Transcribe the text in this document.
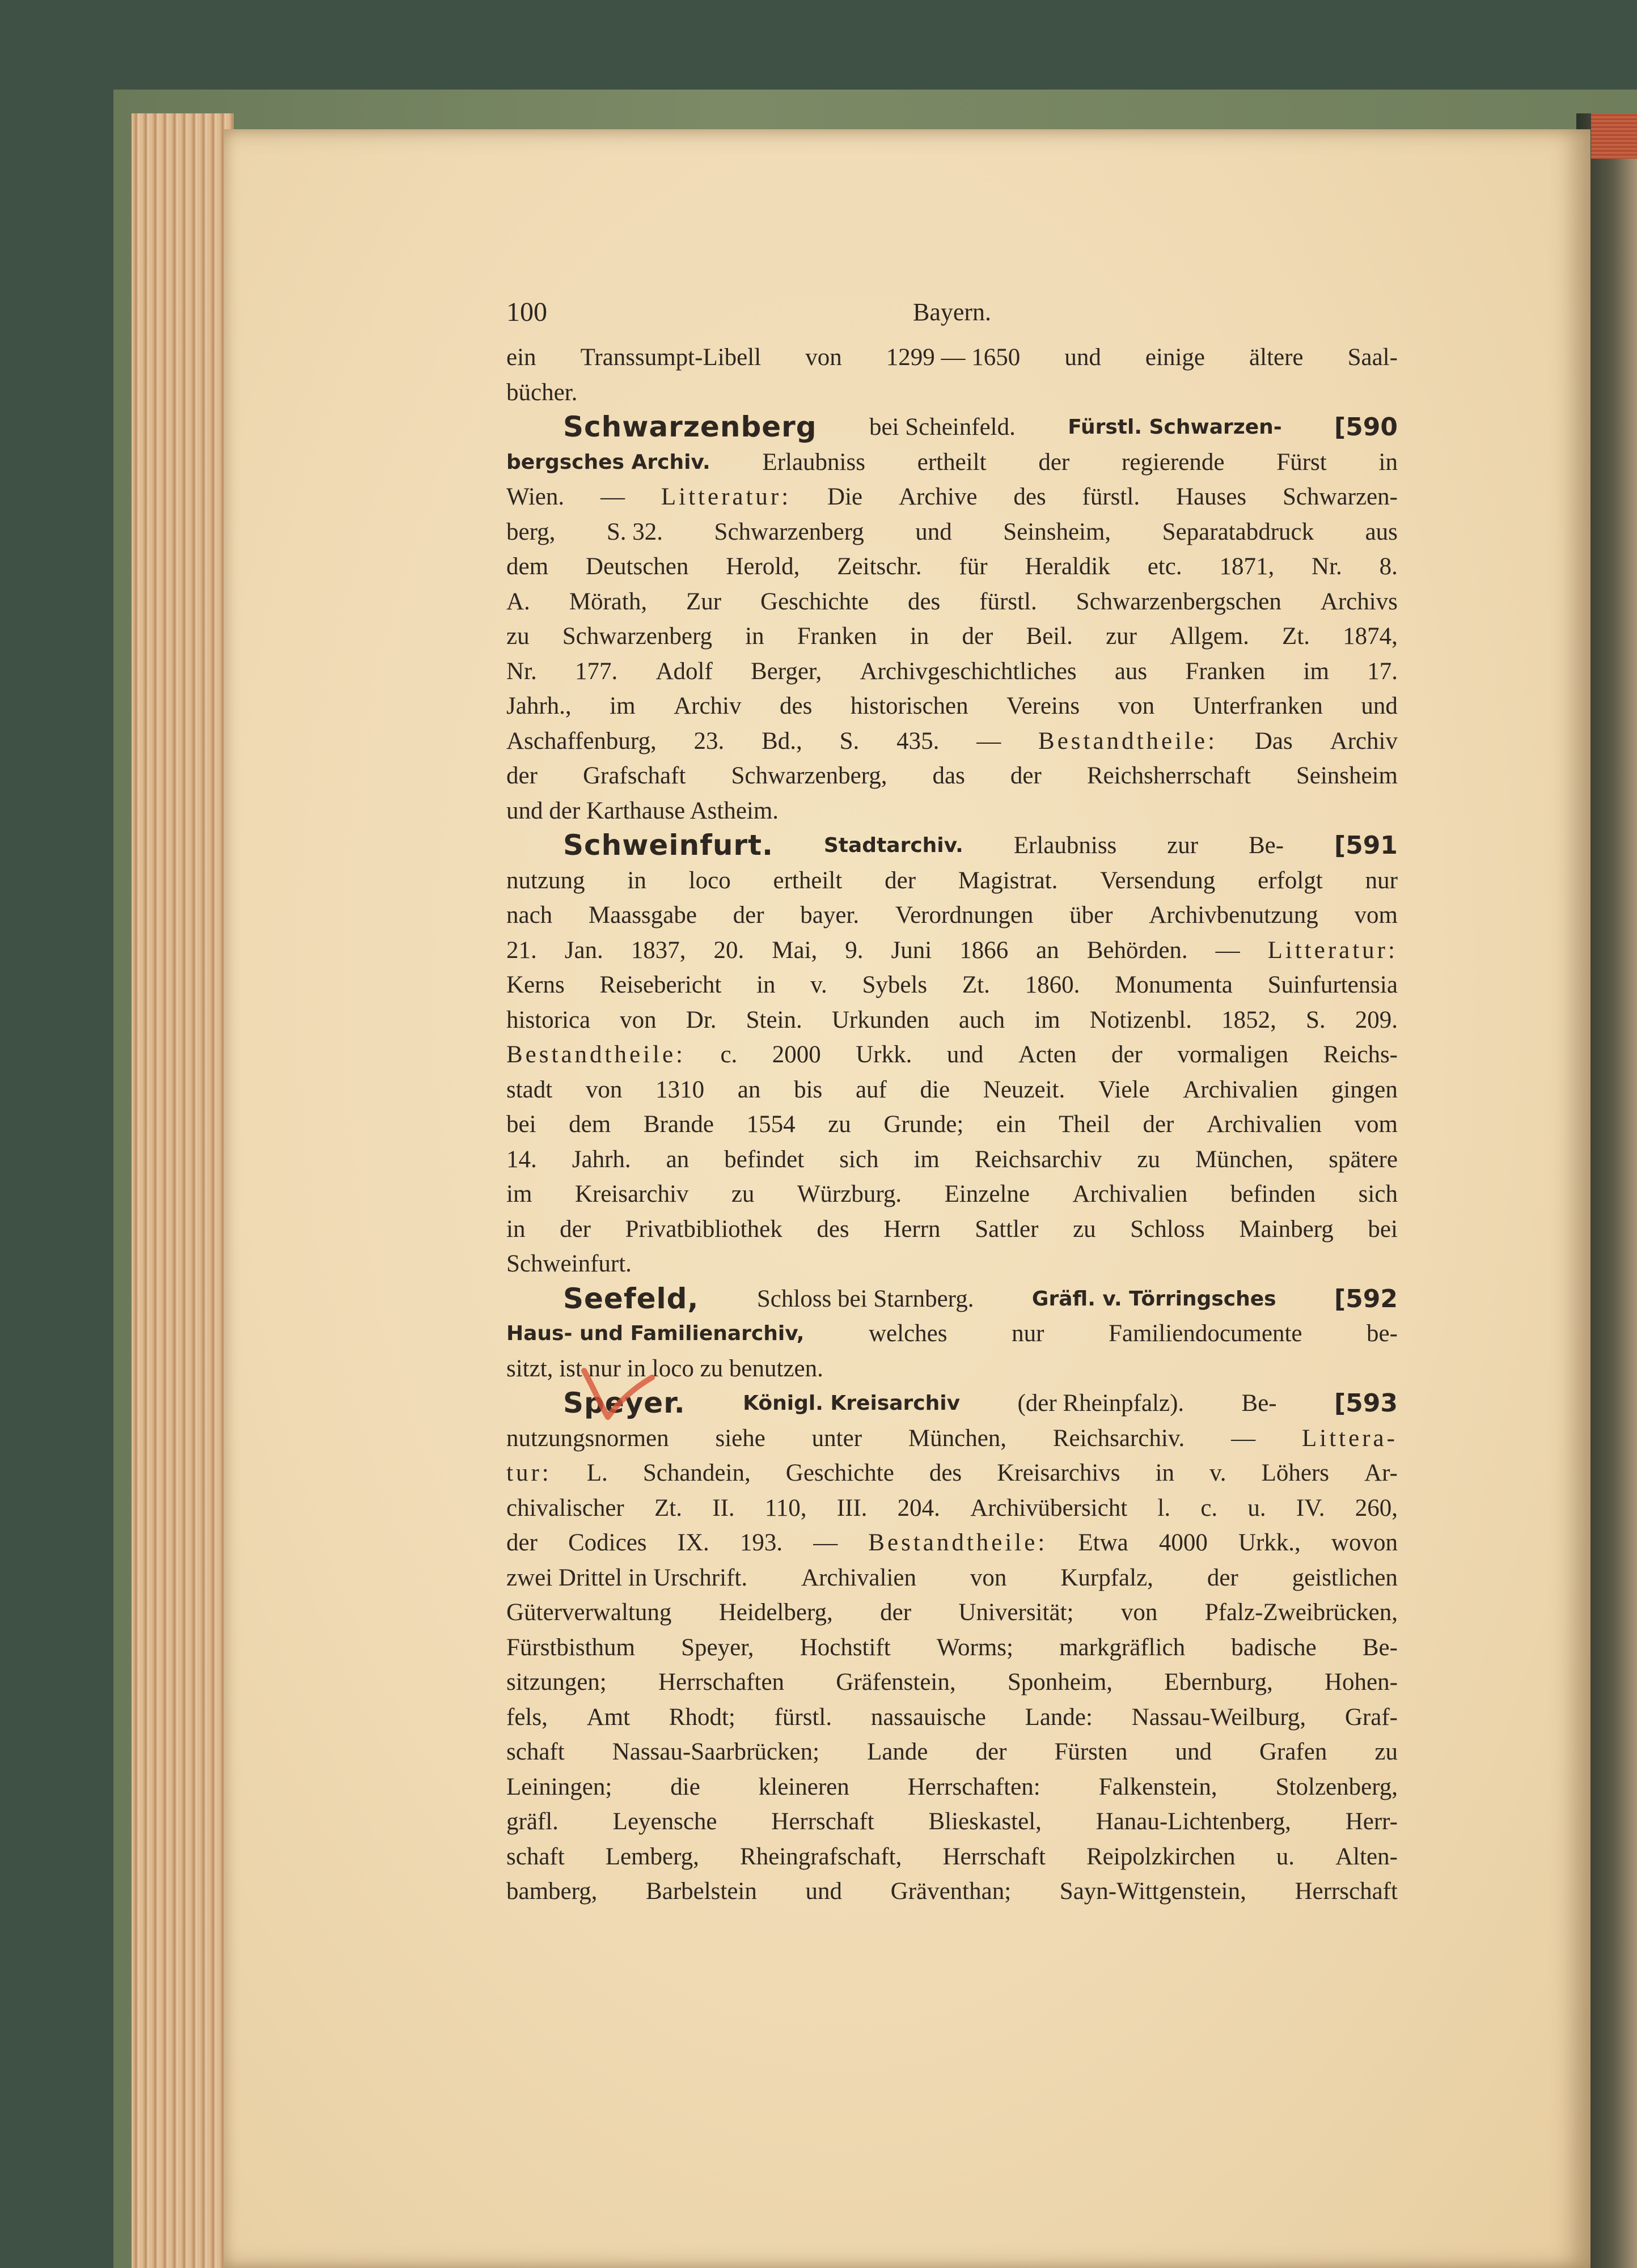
100	Bayern.
ein Transsumpt-Libell von 1299 — 1650 und einige ältere Saal-
bücher.
Schwarzenberg bei Scheinfeld.	Fürstl. Schwarzen- [590
bergsches Archiv. Erlaubniss ertheilt der regierende Fürst in
Wien. — Litteratur: Die Archive des fürstl. Hauses Schwarzen-
berg, S. 32. Schwarzenberg und Seinsheim, Separatabdruck aus
dem Deutschen Herold, Zeitschr. für Heraldik etc. 1871, Nr. 8.
A. Mörath, Zur Geschichte des fürstl. Schwarzenbergschen Archivs
zu Schwarzenberg in Franken in der Beil. zur Allgem. Zt. 1874,
Nr. 177. Adolf Berger, Archivgeschichtliches aus Franken im 17.
Jahrh., im Archiv des historischen Vereins von Unterfranken und
Aschaffenburg, 23. Bd., S. 435. — Bestandtheile: Das Archiv
der Grafschaft Schwarzenberg, das der Reichsherrschaft Seinsheim
und der Karthause Astheim.
Schweinfurt. Stadtarchiv. Erlaubniss zur Be- [591
nutzung in loco ertheilt der Magistrat. Versendung erfolgt nur
nach Maassgabe der bayer. Verordnungen über Archivbenutzung vom
21. Jan. 1837, 20. Mai, 9. Juni 1866 an Behörden. — Litteratur:
Kerns Reisebericht in v. Sybels Zt. 1860. Monumenta Suinfurtensia
historica von Dr. Stein. Urkunden auch im Notizenbl. 1852, S. 209.
Bestandtheile: c. 2000 Urkk. und Acten der vormaligen Reichs-
stadt von 1310 an bis auf die Neuzeit. Viele Archivalien gingen
bei dem Brande 1554 zu Grunde; ein Theil der Archivalien vom
14. Jahrh. an befindet sich im Reichsarchiv zu München, spätere
im Kreisarchiv zu Würzburg. Einzelne Archivalien befinden sich
in der Privatbibliothek des Herrn Sattler zu Schloss Mainberg bei
Schweinfurt.
Seefeld, Schloss bei Starnberg.	Gräfl. v. Törringsches [592
Haus- und Familienarchiv,	welches	nur	Familiendocumente	be-
sitzt, ist nur in loco zu benutzen.
Speyer.	Königl. Kreisarchiv (der Rheinpfalz). Be- [593
nutzungsnormen siehe unter München, Reichsarchiv. — Littera-
tur: L. Schandein, Geschichte des Kreisarchivs in v. Löhers Ar-
chivalischer Zt. II. 110, III. 204. Archivübersicht l. c. u. IV. 260,
der Codices IX. 193. — Bestandtheile: Etwa 4000 Urkk., wovon
zwei Drittel in Urschrift. Archivalien von Kurpfalz, der geistlichen
Güterverwaltung Heidelberg, der Universität; von Pfalz-Zweibrücken,
Fürstbisthum Speyer, Hochstift Worms; markgräflich badische Be-
sitzungen; Herrschaften Gräfenstein, Sponheim, Ebernburg, Hohen-
fels, Amt Rhodt; fürstl. nassauische Lande: Nassau-Weilburg, Graf-
schaft Nassau-Saarbrücken; Lande der Fürsten und Grafen zu
Leiningen; die kleineren Herrschaften: Falkenstein, Stolzenberg,
gräfl. Leyensche Herrschaft Blieskastel, Hanau-Lichtenberg, Herr-
schaft Lemberg, Rheingrafschaft, Herrschaft Reipolzkirchen u. Alten-
bamberg, Barbelstein und Gräventhan; Sayn-Wittgenstein, Herrschaft
